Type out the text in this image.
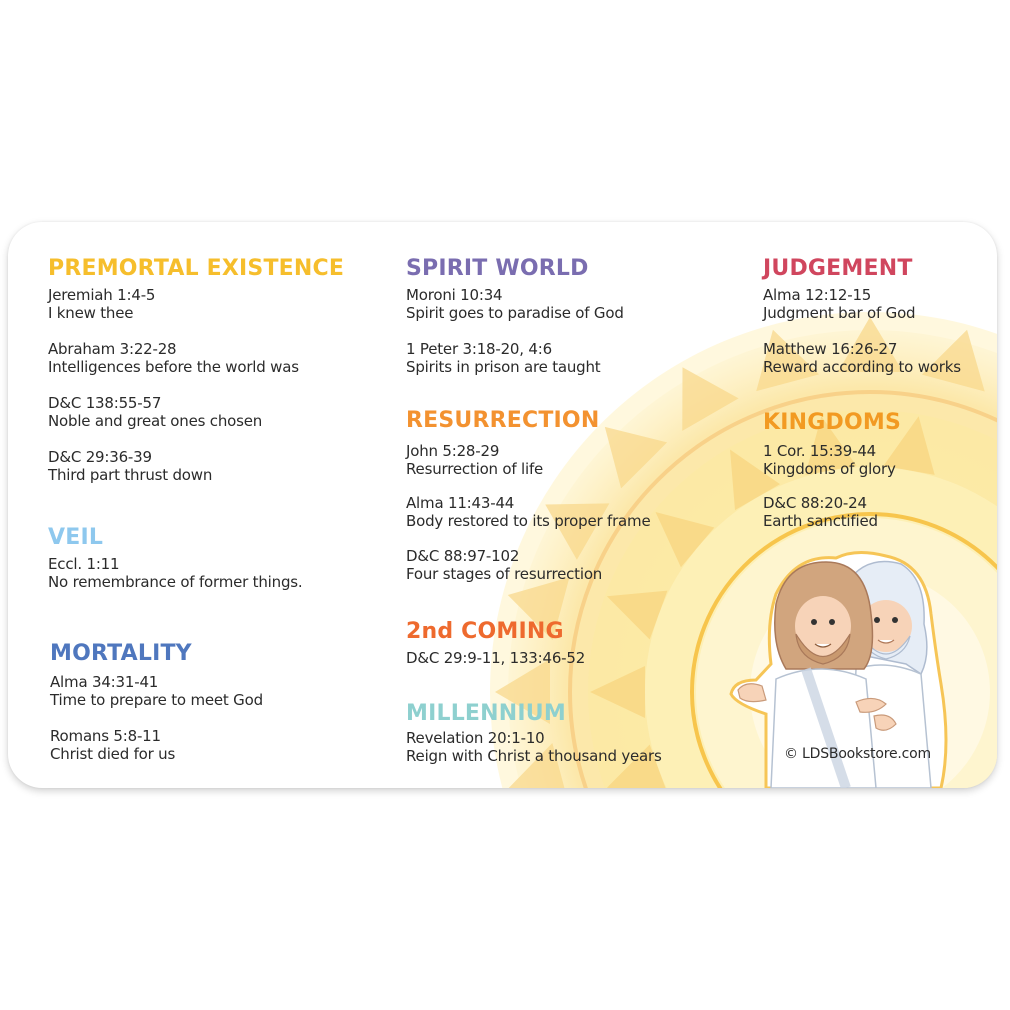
PREMORTAL EXISTENCE

Jeremiah 1:4-5

I knew thee

Abraham 3:22-28

Intelligences before the world was

D&C 138:55-57

Noble and great ones chosen

D&C 29:36-39

Third part thrust down

VEIL

Eccl. 1:11

No remembrance of former things.

MORTALITY

Alma 34:31-41

Time to prepare to meet God

Romans 5:8-11

Christ died for us

SPIRIT WORLD

Moroni 10:34

Spirit goes to paradise of God

1 Peter 3:18-20, 4:6

Spirits in prison are taught

RESURRECTION

John 5:28-29

Resurrection of life

Alma 11:43-44

Body restored to its proper frame

D&C 88:97-102

Four stages of resurrection

2nd COMING

D&C 29:9-11, 133:46-52

MILLENNIUM

Revelation 20:1-10

Reign with Christ a thousand years

JUDGEMENT

Alma 12:12-15

Judgment bar of God

Matthew 16:26-27

Reward according to works

KINGDOMS

1 Cor. 15:39-44

Kingdoms of glory

D&C 88:20-24

Earth sanctified

© LDSBookstore.com
